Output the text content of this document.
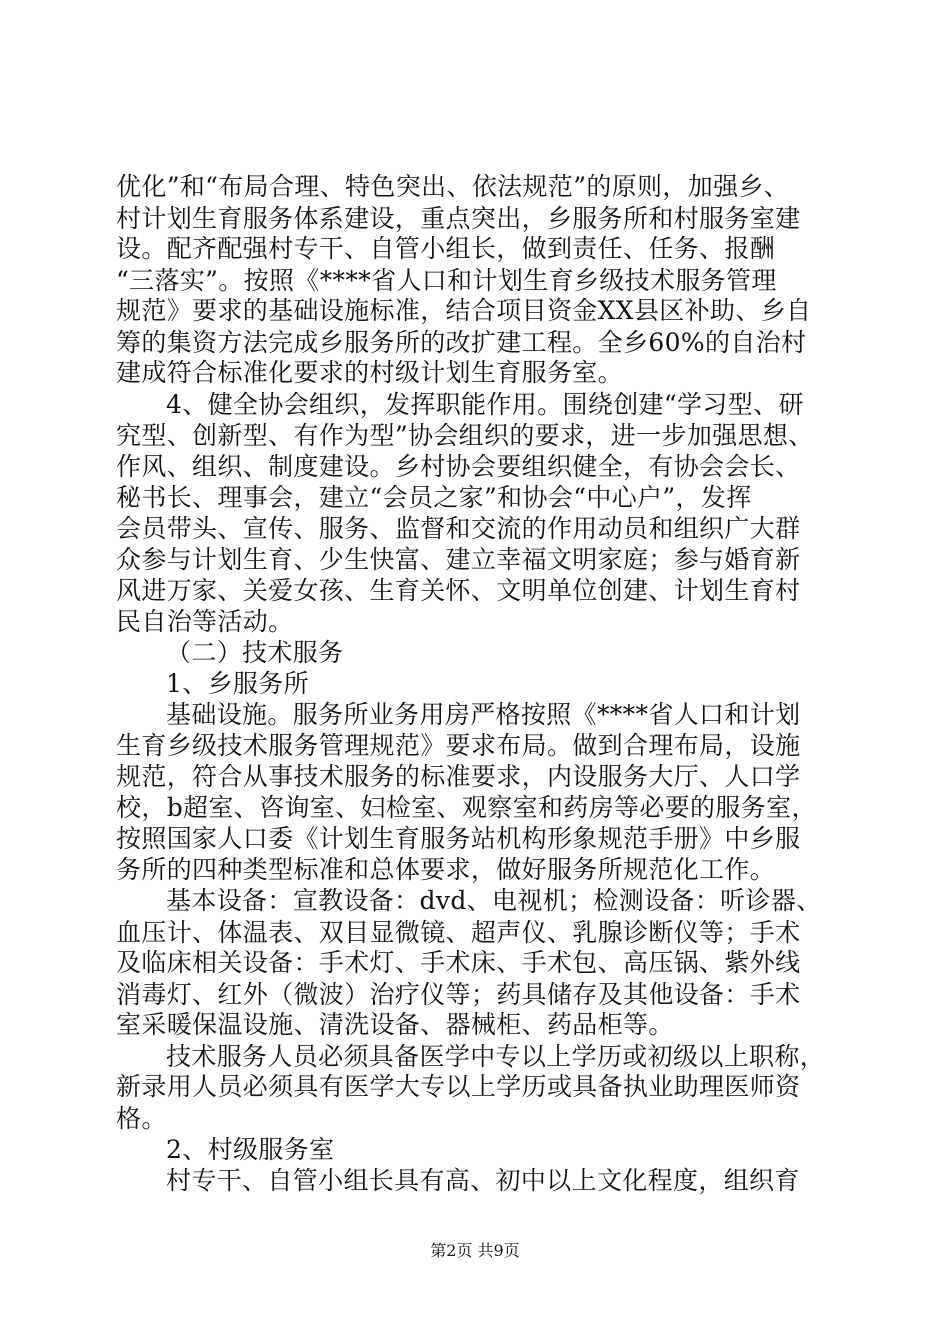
优化”和“布局合理、特色突出、依法规范”的原则，加强乡、
村计划生育服务体系建设，重点突出，乡服务所和村服务室建
设。配齐配强村专干、自管小组长，做到责任、任务、报酬
“三落实”。按照《****省人口和计划生育乡级技术服务管理
规范》要求的基础设施标准，结合项目资金XX县区补助、乡自
筹的集资方法完成乡服务所的改扩建工程。全乡60%的自治村
建成符合标准化要求的村级计划生育服务室。
4、健全协会组织，发挥职能作用。围绕创建“学习型、研
究型、创新型、有作为型”协会组织的要求，进一步加强思想、
作风、组织、制度建设。乡村协会要组织健全，有协会会长、
秘书长、理事会，建立“会员之家”和协会“中心户”，发挥
会员带头、宣传、服务、监督和交流的作用动员和组织广大群
众参与计划生育、少生快富、建立幸福文明家庭；参与婚育新
风进万家、关爱女孩、生育关怀、文明单位创建、计划生育村
民自治等活动。
（二）技术服务
1、乡服务所
基础设施。服务所业务用房严格按照《****省人口和计划
生育乡级技术服务管理规范》要求布局。做到合理布局，设施
规范，符合从事技术服务的标准要求，内设服务大厅、人口学
校，b超室、咨询室、妇检室、观察室和药房等必要的服务室，
按照国家人口委《计划生育服务站机构形象规范手册》中乡服
务所的四种类型标准和总体要求，做好服务所规范化工作。
基本设备：宣教设备：dvd、电视机；检测设备：听诊器、
血压计、体温表、双目显微镜、超声仪、乳腺诊断仪等；手术
及临床相关设备：手术灯、手术床、手术包、高压锅、紫外线
消毒灯、红外（微波）治疗仪等；药具储存及其他设备：手术
室采暖保温设施、清洗设备、器械柜、药品柜等。
技术服务人员必须具备医学中专以上学历或初级以上职称，
新录用人员必须具有医学大专以上学历或具备执业助理医师资
格。
2、村级服务室
村专干、自管小组长具有高、初中以上文化程度，组织育
第2页 共9页
